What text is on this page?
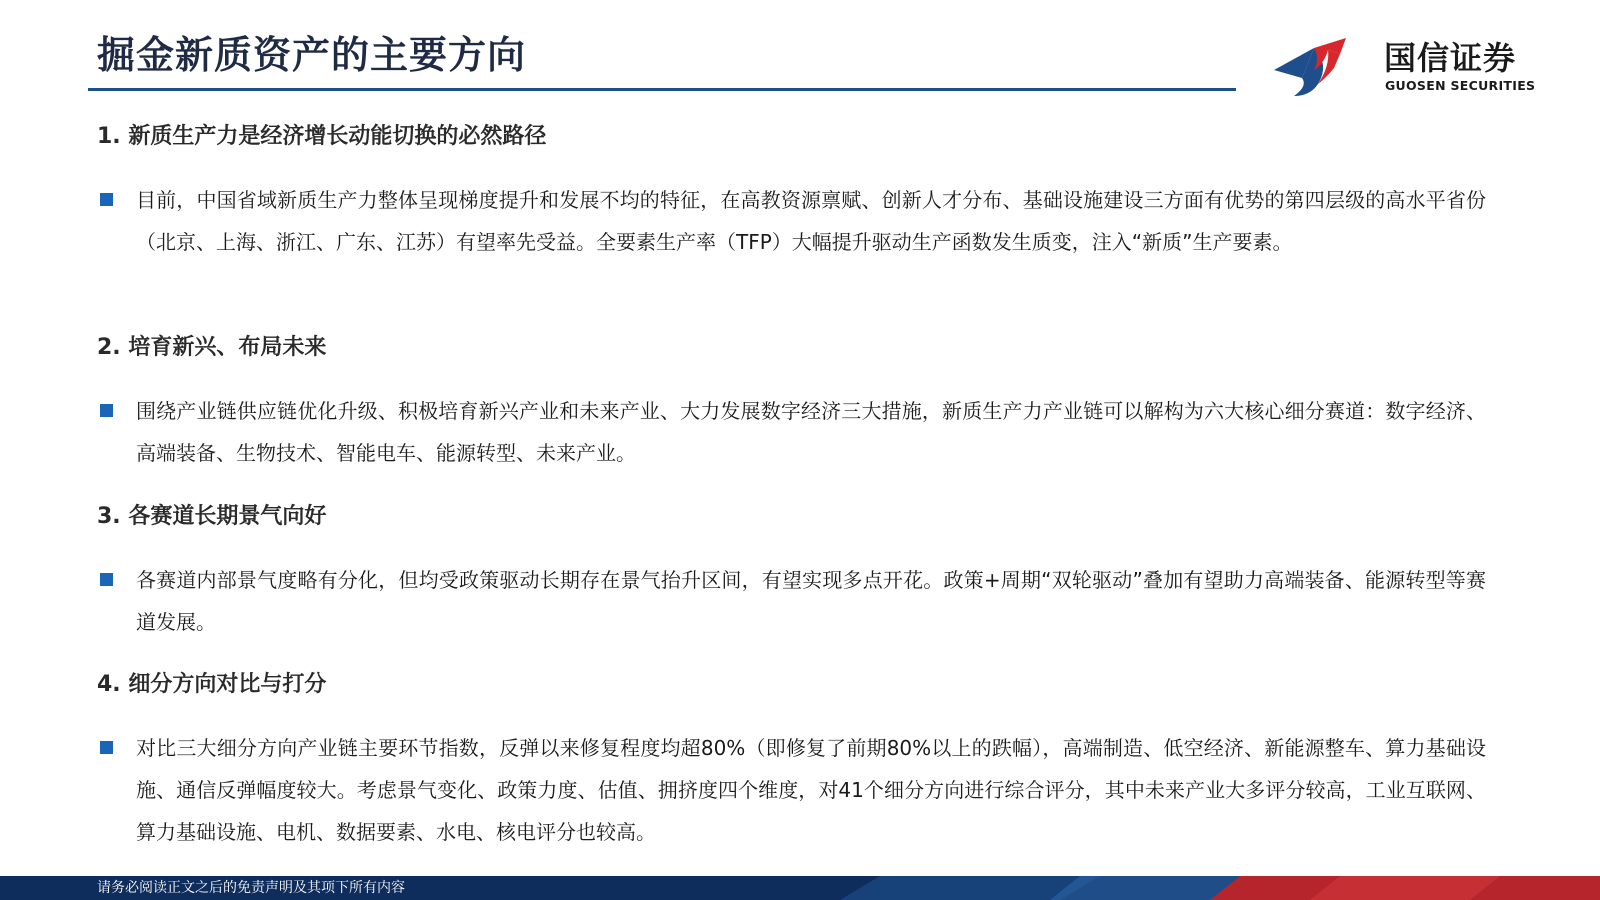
掘金新质资产的主要方向	国信证券
GUOSEN SECURITIES
1. 新质生产力是经济增长动能切换的必然路径

目前，中国省域新质生产力整体呈现梯度提升和发展不均的特征，在高教资源禀赋、创新人才分布、基础设施建设三方面有优势的第四层级的高水平省份（北京、上海、浙江、广东、江苏）有望率先受益。全要素生产率（TFP）大幅提升驱动生产函数发生质变，注入“新质”生产要素。

2. 培育新兴、布局未来

围绕产业链供应链优化升级、积极培育新兴产业和未来产业、大力发展数字经济三大措施，新质生产力产业链可以解构为六大核心细分赛道：数字经济、高端装备、生物技术、智能电车、能源转型、未来产业。

3. 各赛道长期景气向好

各赛道内部景气度略有分化，但均受政策驱动长期存在景气抬升区间，有望实现多点开花。政策+周期“双轮驱动”叠加有望助力高端装备、能源转型等赛道发展。

4. 细分方向对比与打分

对比三大细分方向产业链主要环节指数，反弹以来修复程度均超80%（即修复了前期80%以上的跌幅），高端制造、低空经济、新能源整车、算力基础设施、通信反弹幅度较大。考虑景气变化、政策力度、估值、拥挤度四个维度，对41个细分方向进行综合评分，其中未来产业大多评分较高，工业互联网、算力基础设施、电机、数据要素、水电、核电评分也较高。

请务必阅读正文之后的免责声明及其项下所有内容
